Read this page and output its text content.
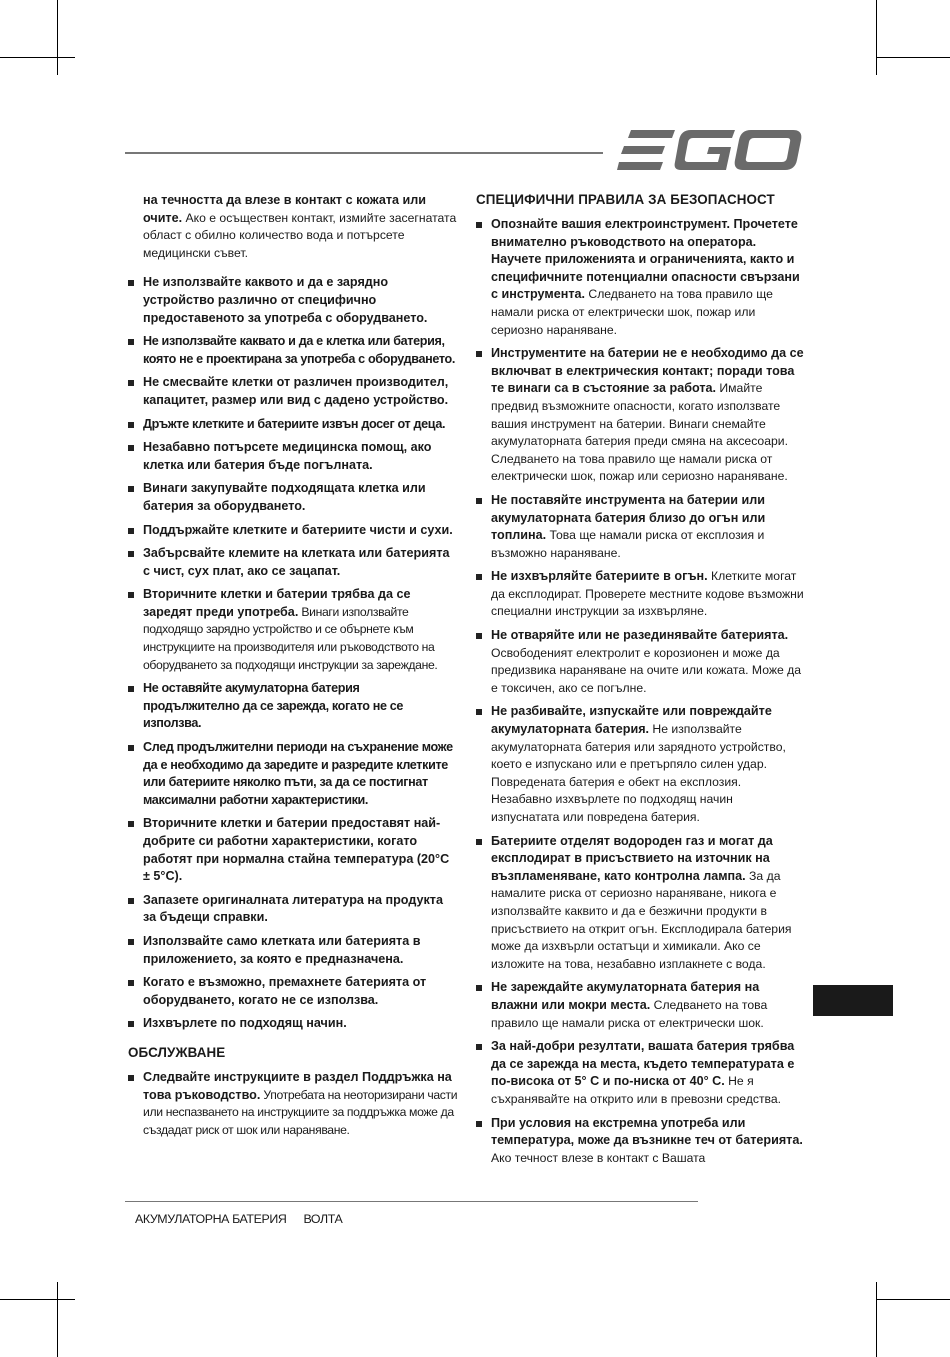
на течността да влезе в контакт с кожата или очите. Ако е осъществен контакт, измийте засегнатата област с обилно количество вода и потърсете медицински съвет.
Не използвайте каквото и да е зарядно устройство различно от специфично предоставеното за употреба с оборудването.
Не използвайте каквато и да е клетка или батерия, която не е проектирана за употреба с оборудването.
Не смесвайте клетки от различен производител, капацитет, размер или вид с дадено устройство.
Дръжте клетките и батериите извън досег от деца.
Незабавно потърсете медицинска помощ, ако клетка или батерия бъде погълната.
Винаги закупувайте подходящата клетка или батерия за оборудването.
Поддържайте клетките и батериите чисти и сухи.
Забърсвайте клемите на клетката или батерията с чист, сух плат, ако се зацапат.
Вторичните клетки и батерии трябва да се заредят преди употреба. Винаги използвайте подходящо зарядно устройство и се обърнете към инструкциите на производителя или ръководството на оборудването за подходящи инструкции за зареждане.
Не оставяйте акумулаторна батерия продължително да се зарежда, когато не се използва.
След продължителни периоди на съхранение може да е необходимо да заредите и разредите клетките или батериите няколко пъти, за да се постигнат максимални работни характеристики.
Вторичните клетки и батерии предоставят най-добрите си работни характеристики, когато работят при нормална стайна температура (20°C ± 5°C).
Запазете оригиналната литература на продукта за бъдещи справки.
Използвайте само клетката или батерията в приложението, за която е предназначена.
Когато е възможно, премахнете батерията от оборудването, когато не се използва.
Изхвърлете по подходящ начин.
ОБСЛУЖВАНЕ
Следвайте инструкциите в раздел Поддръжка на това ръководство. Употребата на неоторизирани части или неспазването на инструкциите за поддръжка може да създадат риск от шок или нараняване.
СПЕЦИФИЧНИ ПРАВИЛА ЗА БЕЗОПАСНОСТ
Опознайте вашия електроинструмент. Прочетете внимателно ръководството на оператора. Научете приложенията и ограниченията, както и специфичните потенциални опасности свързани с инструмента. Следването на това правило ще намали риска от електрически шок, пожар или сериозно нараняване.
Инструментите на батерии не е необходимо да се включват в електрическия контакт; поради това те винаги са в състояние за работа. Имайте предвид възможните опасности, когато използвате вашия инструмент на батерии. Винаги снемайте акумулаторната батерия преди смяна на аксесоари. Следването на това правило ще намали риска от електрически шок, пожар или сериозно нараняване.
Не поставяйте инструмента на батерии или акумулаторната батерия близо до огън или топлина. Това ще намали риска от експлозия и възможно нараняване.
Не изхвърляйте батериите в огън. Клетките могат да експлодират. Проверете местните кодове възможни специални инструкции за изхвърляне.
Не отваряйте или не разединявайте батерията. Освободеният електролит е корозионен и може да предизвика нараняване на очите или кожата. Може да е токсичен, ако се погълне.
Не разбивайте, изпускайте или повреждайте акумулаторната батерия. Не използвайте акумулаторната батерия или зарядното устройство, което е изпускано или е претърпяло силен удар. Повредената батерия е обект на експлозия. Незабавно изхвърлете по подходящ начин изпуснатата или повредена батерия.
Батериите отделят водороден газ и могат да експлодират в присъствието на източник на възпламеняване, като контролна лампа. За да намалите риска от сериозно нараняване, никога е използвайте каквито и да е безжични продукти в присъствието на открит огън. Експлодирала батерия може да изхвърли остатъци и химикали. Ако се изложите на това, незабавно изплакнете с вода.
Не зареждайте акумулаторната батерия на влажни или мокри места. Следването на това правило ще намали риска от електрически шок.
За най-добри резултати, вашата батерия трябва да се зарежда на места, където температурата е по-висока от 5° C и по-ниска от 40° C. Не я съхранявайте на открито или в превозни средства.
При условия на екстремна употреба или температура, може да възникне теч от батерията. Ако течност влезе в контакт с Вашата
АКУМУЛАТОРНА БАТЕРИЯ ВОЛТА
